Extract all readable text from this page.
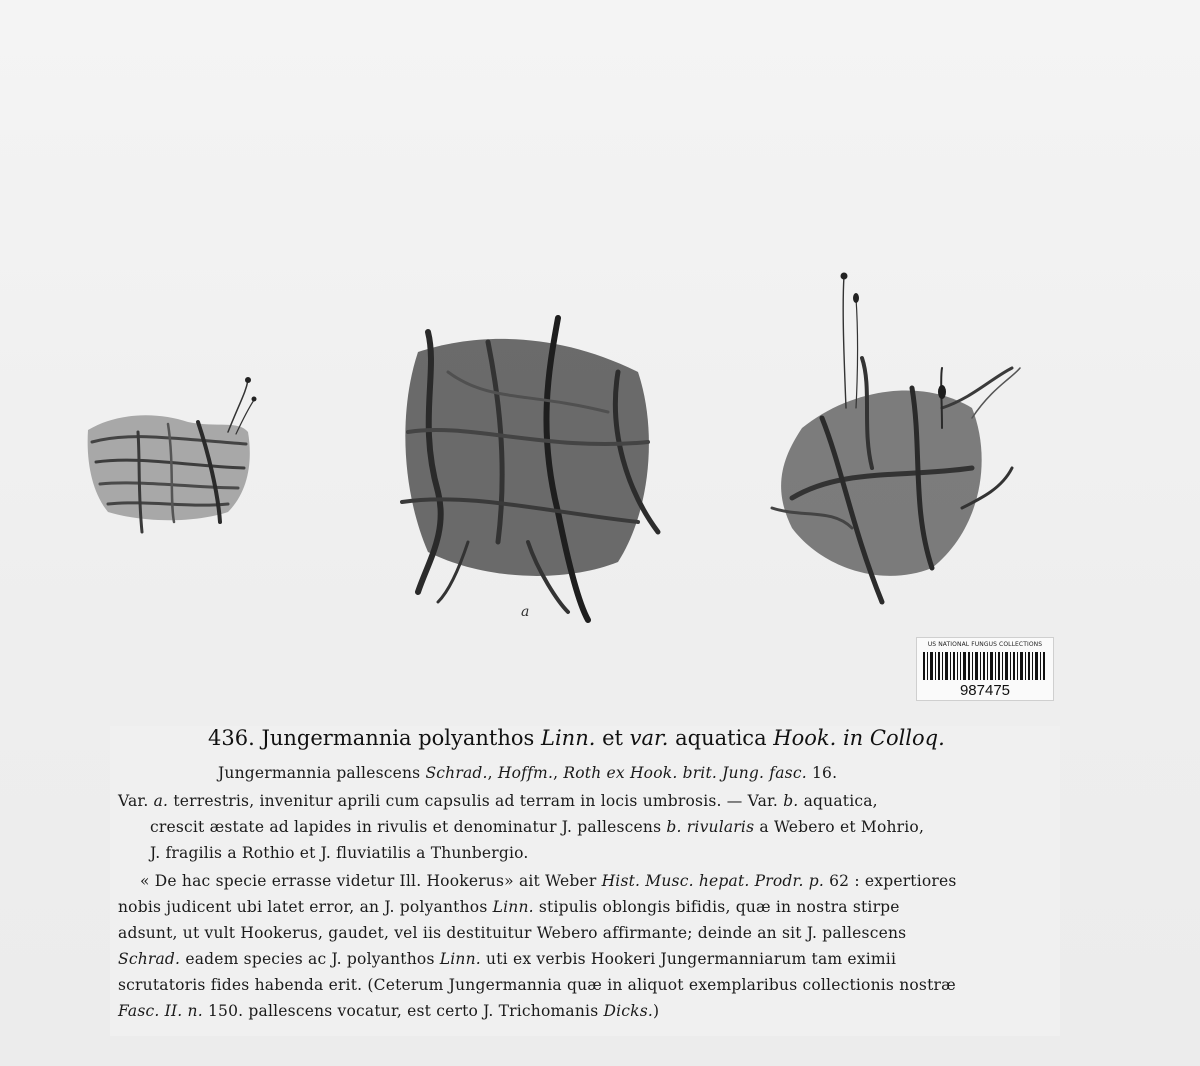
a
US NATIONAL FUNGUS COLLECTIONS
987475
436. Jungermannia polyanthos Linn. et var. aquatica Hook. in Colloq.
Jungermannia pallescens Schrad., Hoffm., Roth ex Hook. brit. Jung. fasc. 16.
Var. a. terrestris, invenitur aprili cum capsulis ad terram in locis umbrosis. — Var. b. aquatica,
crescit æstate ad lapides in rivulis et denominatur J. pallescens b. rivularis a Webero et Mohrio,
J. fragilis a Rothio et J. fluviatilis a Thunbergio.
« De hac specie errasse videtur Ill. Hookerus» ait Weber Hist. Musc. hepat. Prodr. p. 62 : expertiores
nobis judicent ubi latet error, an J. polyanthos Linn. stipulis oblongis bifidis, quæ in nostra stirpe
adsunt, ut vult Hookerus, gaudet, vel iis destituitur Webero affirmante; deinde an sit J. pallescens
Schrad. eadem species ac J. polyanthos Linn. uti ex verbis Hookeri Jungermanniarum tam eximii
scrutatoris fides habenda erit. (Ceterum Jungermannia quæ in aliquot exemplaribus collectionis nostræ
Fasc. II. n. 150. pallescens vocatur, est certo J. Trichomanis Dicks.)
